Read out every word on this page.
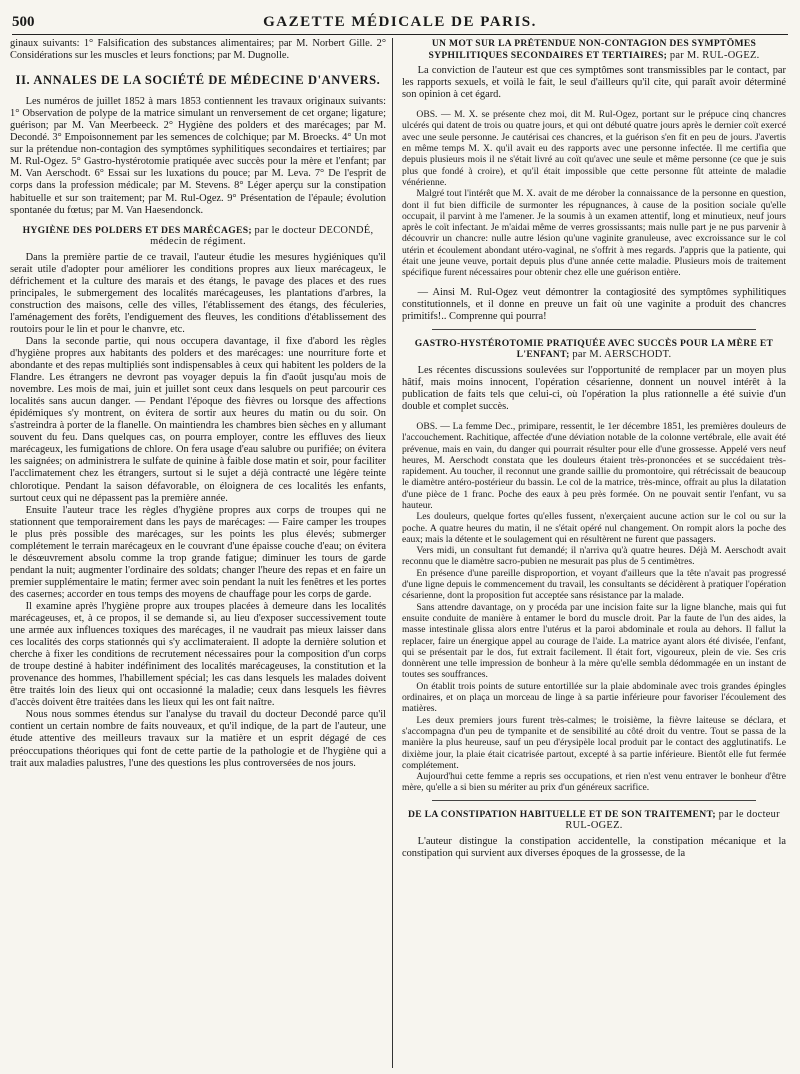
500	GAZETTE MÉDICALE DE PARIS.

ginaux suivants: 1° Falsification des substances alimentaires; par M. Norbert Gille. 2° Considérations sur les muscles et leurs fonctions; par M. Dugnolle.

II. ANNALES DE LA SOCIÉTÉ DE MÉDECINE D'ANVERS.

Les numéros de juillet 1852 à mars 1853 contiennent les travaux originaux suivants: 1° Observation de polype de la matrice simulant un renversement de cet organe; ligature; guérison; par M. Van Meerbeeck. 2° Hygiène des polders et des marécages; par M. Decondé. 3° Empoisonnement par les semences de colchique; par M. Broecks. 4° Un mot sur la prétendue non-contagion des symptômes syphilitiques secondaires et tertiaires; par M. Rul-Ogez. 5° Gastro-hystérotomie pratiquée avec succès pour la mère et l'enfant; par M. Van Aerschodt. 6° Essai sur les luxations du pouce; par M. Leva. 7° De l'esprit de corps dans la profession médicale; par M. Stevens. 8° Léger aperçu sur la constipation habituelle et sur son traitement; par M. Rul-Ogez. 9° Présentation de l'épaule; évolution spontanée du fœtus; par M. Van Haesendonck.

HYGIÈNE DES POLDERS ET DES MARÉCAGES; par le docteur DECONDÉ, médecin de régiment.

Dans la première partie de ce travail, l'auteur étudie les mesures hygiéniques qu'il serait utile d'adopter pour améliorer les conditions propres aux lieux marécageux, le défrichement et la culture des marais et des étangs, le pavage des places et des rues principales, le submergement des localités marécageuses, les plantations d'arbres, la construction des maisons, celle des villes, l'établissement des étangs, des féculeries, l'aménagement des forêts, l'endiguement des fleuves, les conditions d'établissement des routoirs pour le lin et pour le chanvre, etc.

Dans la seconde partie, qui nous occupera davantage, il fixe d'abord les règles d'hygiène propres aux habitants des polders et des marécages: une nourriture forte et abondante et des repas multipliés sont indispensables à ceux qui habitent les polders de la Flandre. Les étrangers ne devront pas voyager depuis la fin d'août jusqu'au mois de novembre. Les mois de mai, juin et juillet sont ceux dans lesquels on peut parcourir ces localités sans aucun danger. — Pendant l'époque des fièvres ou lorsque des affections épidémiques s'y montrent, on évitera de sortir aux heures du matin ou du soir. On s'astreindra à porter de la flanelle. On maintiendra les chambres bien sèches en y allumant souvent du feu. Dans quelques cas, on pourra employer, contre les effluves des lieux marécageux, les fumigations de chlore. On fera usage d'eau salubre ou purifiée; on évitera les saignées; on administrera le sulfate de quinine à faible dose matin et soir, pour faciliter l'acclimatement chez les étrangers, surtout si le sujet a déjà contracté une légère teinte chlorotique. Pendant la saison défavorable, on éloignera de ces localités les enfants, surtout ceux qui ne dépassent pas la première année.

Ensuite l'auteur trace les règles d'hygiène propres aux corps de troupes qui ne stationnent que temporairement dans les pays de marécages: — Faire camper les troupes le plus près possible des marécages, sur les points les plus élevés; submerger complétement le terrain marécageux en le couvrant d'une épaisse couche d'eau; on évitera le désœuvrement absolu comme la trop grande fatigue; diminuer les tours de garde pendant la nuit; augmenter l'ordinaire des soldats; changer l'heure des repas et en faire un premier supplémentaire le matin; fermer avec soin pendant la nuit les fenêtres et les portes des casernes; accorder en tous temps des moyens de chauffage pour les corps de garde.

Il examine après l'hygiène propre aux troupes placées à demeure dans les localités marécageuses, et, à ce propos, il se demande si, au lieu d'exposer successivement toute une armée aux influences toxiques des marécages, il ne vaudrait pas mieux laisser dans ces localités des corps stationnés qui s'y acclimateraient. Il adopte la dernière solution et cherche à fixer les conditions de recrutement nécessaires pour la composition d'un corps de troupe destiné à habiter indéfiniment des localités marécageuses, la constitution et la provenance des hommes, l'habillement spécial; les cas dans lesquels les malades doivent être traités loin des lieux qui ont occasionné la maladie; ceux dans lesquels les fièvres d'accès doivent être traitées dans les lieux qui les ont fait naître.

Nous nous sommes étendus sur l'analyse du travail du docteur Decondé parce qu'il contient un certain nombre de faits nouveaux, et qu'il indique, de la part de l'auteur, une étude attentive des meilleurs travaux sur la matière et un esprit dégagé de ces préoccupations théoriques qui font de cette partie de la pathologie et de l'hygiène qui a trait aux maladies palustres, l'une des questions les plus controversées de nos jours.

UN MOT SUR LA PRÉTENDUE NON-CONTAGION DES SYMPTÔMES SYPHILITIQUES SECONDAIRES ET TERTIAIRES; par M. RUL-OGEZ.

La conviction de l'auteur est que ces symptômes sont transmissibles par le contact, par les rapports sexuels, et voilà le fait, le seul d'ailleurs qu'il cite, qui paraît avoir déterminé son opinion à cet égard.

OBS. — M. X. se présente chez moi, dit M. Rul-Ogez, portant sur le prépuce cinq chancres ulcérés qui datent de trois ou quatre jours, et qui ont débuté quatre jours après le dernier coït exercé avec une seule personne. Je cautérisai ces chancres, et la guérison s'en fit en peu de jours. J'avertis en même temps M. X. qu'il avait eu des rapports avec une personne infectée. Il me certifia que depuis plusieurs mois il ne s'était livré au coït qu'avec une seule et même personne (ce que je suis plus que fondé à croire), et qu'il était impossible que cette personne fût atteinte de maladie vénérienne.

Malgré tout l'intérêt que M. X. avait de me dérober la connaissance de la personne en question, dont il fut bien difficile de surmonter les répugnances, à cause de la position sociale qu'elle occupait, il parvint à me l'amener. Je la soumis à un examen attentif, long et minutieux, neuf jours après le coït infectant. Je m'aidai même de verres grossissants; mais nulle part je ne pus parvenir à découvrir un chancre: nulle autre lésion qu'une vaginite granuleuse, avec excroissance sur le col utérin et écoulement abondant utéro-vaginal, ne s'offrit à mes regards. J'appris que la patiente, qui était une jeune veuve, portait depuis plus d'une année cette maladie. Plusieurs mois de traitement spécifique furent nécessaires pour obtenir chez elle une guérison entière.

— Ainsi M. Rul-Ogez veut démontrer la contagiosité des symptômes syphilitiques constitutionnels, et il donne en preuve un fait où une vaginite a produit des chancres primitifs!.. Comprenne qui pourra!

GASTRO-HYSTÉROTOMIE PRATIQUÉE AVEC SUCCÈS POUR LA MÈRE ET L'ENFANT; par M. AERSCHODT.

Les récentes discussions soulevées sur l'opportunité de remplacer par un moyen plus hâtif, mais moins innocent, l'opération césarienne, donnent un nouvel intérêt à la publication de faits tels que celui-ci, où l'opération la plus rationnelle a été suivie d'un double et complet succès.

OBS. — La femme Dec., primipare, ressentit, le 1er décembre 1851, les premières douleurs de l'accouchement. Rachitique, affectée d'une déviation notable de la colonne vertébrale, elle avait été prévenue, mais en vain, du danger qui pourrait résulter pour elle d'une grossesse. Appelé vers neuf heures, M. Aerschodt constata que les douleurs étaient très-prononcées et se succédaient très-rapidement. Au toucher, il reconnut une grande saillie du promontoire, qui rétrécissait de beaucoup le diamètre antéro-postérieur du bassin. Le col de la matrice, très-mince, offrait au plus la dilatation d'une pièce de 1 franc. Poche des eaux à peu près formée. On ne pouvait sentir l'enfant, vu sa hauteur.

Les douleurs, quelque fortes qu'elles fussent, n'exerçaient aucune action sur le col ou sur la poche. A quatre heures du matin, il ne s'était opéré nul changement. On rompit alors la poche des eaux; mais la détente et le soulagement qui en résultèrent ne furent que passagers.

Vers midi, un consultant fut demandé; il n'arriva qu'à quatre heures. Déjà M. Aerschodt avait reconnu que le diamètre sacro-pubien ne mesurait pas plus de 5 centimètres.

En présence d'une pareille disproportion, et voyant d'ailleurs que la tête n'avait pas progressé d'une ligne depuis le commencement du travail, les consultants se décidèrent à pratiquer l'opération césarienne, dont la proposition fut acceptée sans résistance par la malade.

Sans attendre davantage, on y procéda par une incision faite sur la ligne blanche, mais qui fut ensuite conduite de manière à entamer le bord du muscle droit. Par la faute de l'un des aides, la masse intestinale glissa alors entre l'utérus et la paroi abdominale et roula au dehors. Il fallut la replacer, faire un énergique appel au courage de l'aide. La matrice ayant alors été divisée, l'enfant, qui se présentait par le dos, fut extrait facilement. Il était fort, vigoureux, plein de vie. Ses cris donnèrent une telle impression de bonheur à la mère qu'elle sembla dédommagée en un instant de toutes ses souffrances.

On établit trois points de suture entortillée sur la plaie abdominale avec trois grandes épingles ordinaires, et on plaça un morceau de linge à sa partie inférieure pour favoriser l'écoulement des matières.

Les deux premiers jours furent très-calmes; le troisième, la fièvre laiteuse se déclara, et s'accompagna d'un peu de tympanite et de sensibilité au côté droit du ventre. Tout se passa de la manière la plus heureuse, sauf un peu d'érysipèle local produit par le contact des agglutinatifs. Le dixième jour, la plaie était cicatrisée partout, excepté à sa partie inférieure. Bientôt elle fut fermée complétement.

Aujourd'hui cette femme a repris ses occupations, et rien n'est venu entraver le bonheur d'être mère, qu'elle a si bien su mériter au prix d'un généreux sacrifice.

DE LA CONSTIPATION HABITUELLE ET DE SON TRAITEMENT; par le docteur RUL-OGEZ.

L'auteur distingue la constipation accidentelle, la constipation mécanique et la constipation qui survient aux diverses époques de la grossesse, de la
